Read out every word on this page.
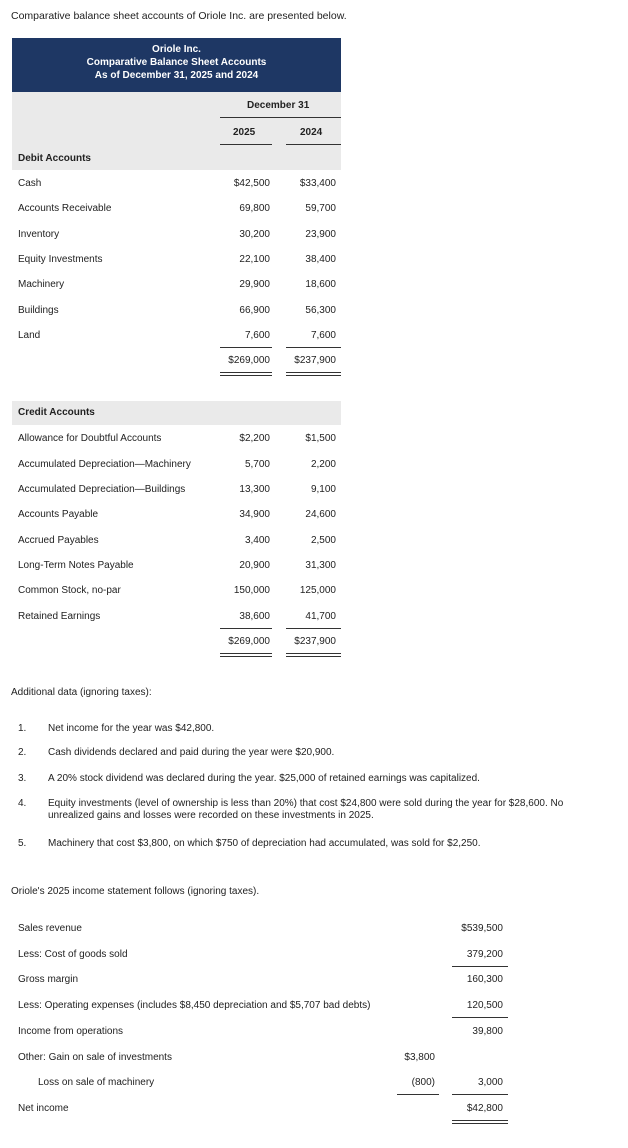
Comparative balance sheet accounts of Oriole Inc. are presented below.
Oriole Inc.
Comparative Balance Sheet Accounts
As of December 31, 2025 and 2024
December 31
2025	2024
Debit Accounts
Cash	$42,500	$33,400
Accounts Receivable	69,800	59,700
Inventory	30,200	23,900
Equity Investments	22,100	38,400
Machinery	29,900	18,600
Buildings	66,900	56,300
Land	7,600	7,600
$269,000 $237,900
Credit Accounts
Allowance for Doubtful Accounts	$2,200	$1,500
Accumulated Depreciation—Machinery	5,700	2,200
Accumulated Depreciation—Buildings	13,300	9,100
Accounts Payable	34,900	24,600
Accrued Payables	3,400	2,500
Long-Term Notes Payable	20,900	31,300
Common Stock, no-par	150,000	125,000
Retained Earnings	38,600	41,700
$269,000 $237,900
Additional data (ignoring taxes):
1. Net income for the year was $42,800.
2. Cash dividends declared and paid during the year were $20,900.
3. A 20% stock dividend was declared during the year. $25,000 of retained earnings was capitalized.
4. Equity investments (level of ownership is less than 20%) that cost $24,800 were sold during the year for $28,600. No unrealized gains and losses were recorded on these investments in 2025.
5. Machinery that cost $3,800, on which $750 of depreciation had accumulated, was sold for $2,250.
Oriole's 2025 income statement follows (ignoring taxes).
Sales revenue	$539,500
Less: Cost of goods sold	379,200
Gross margin	160,300
Less: Operating expenses (includes $8,450 depreciation and $5,707 bad debts)	120,500
Income from operations	39,800
Other: Gain on sale of investments	$3,800
Loss on sale of machinery	(800)	3,000
Net income	$42,800
